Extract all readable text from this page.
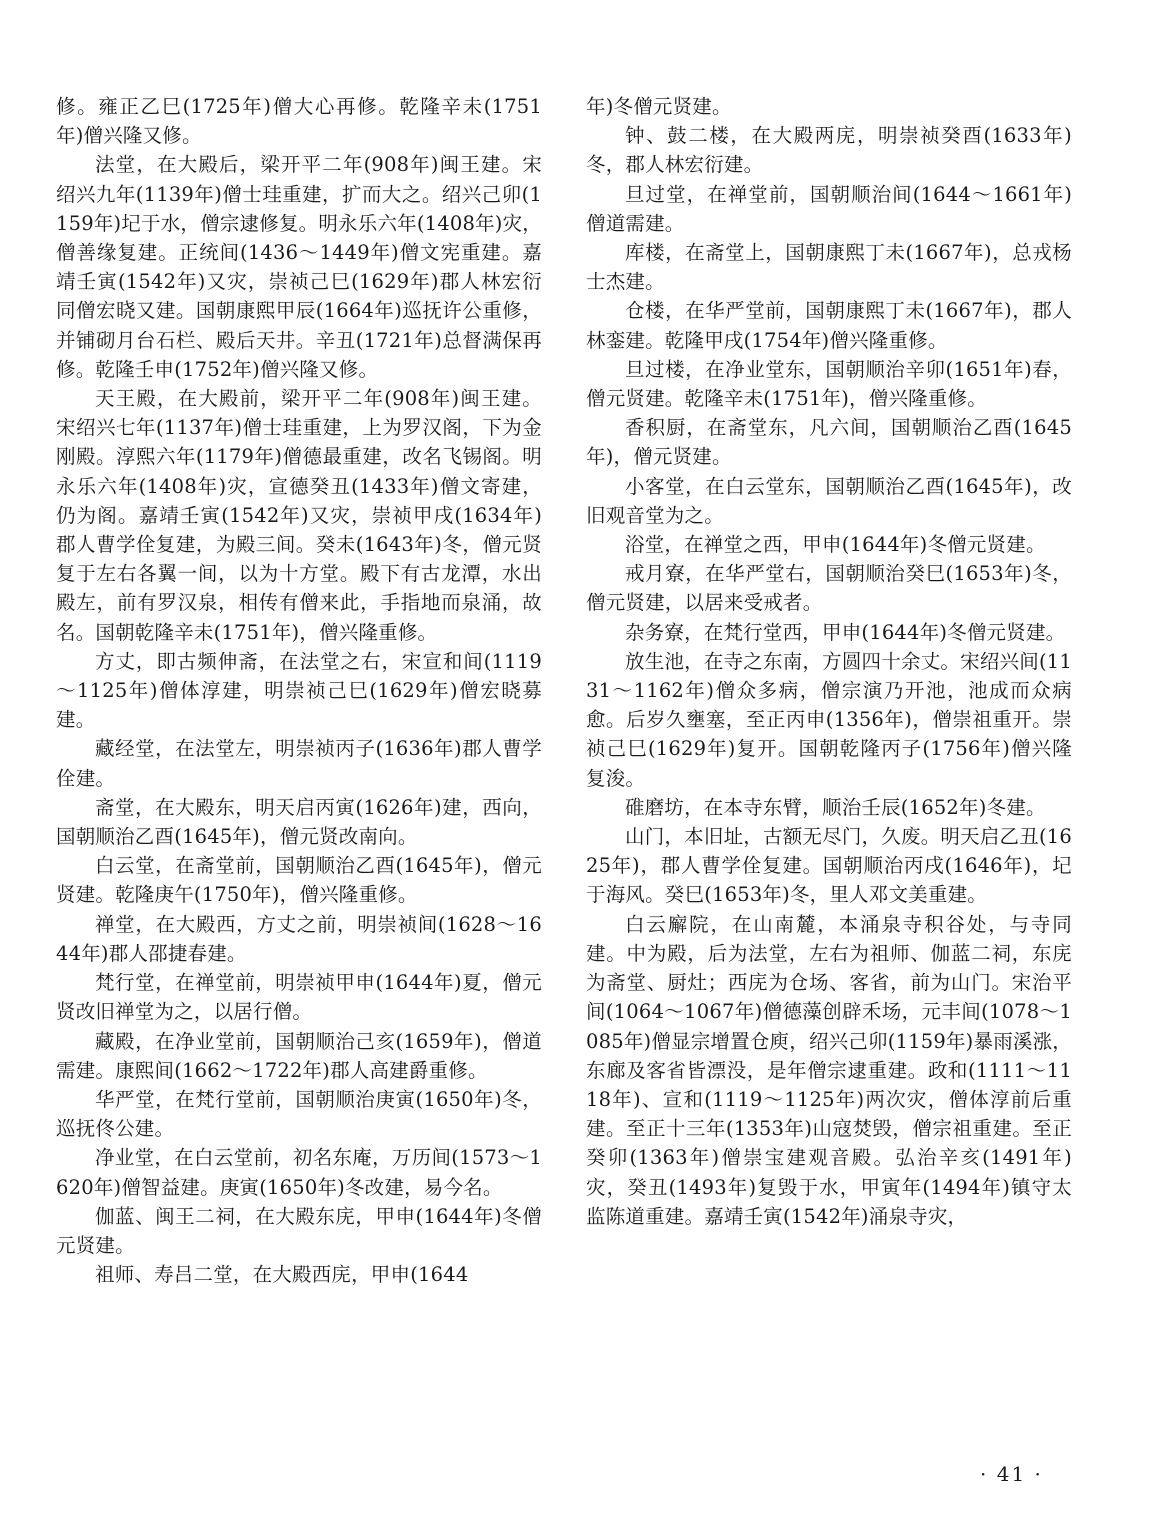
修。雍正乙巳(1725年)僧大心再修。乾隆辛未(1751年)僧兴隆又修。

法堂，在大殿后，梁开平二年(908年)闽王建。宋绍兴九年(1139年)僧士珪重建，扩而大之。绍兴己卯(1159年)圮于水，僧宗逮修复。明永乐六年(1408年)灾，僧善缘复建。正统间(1436～1449年)僧文宪重建。嘉靖壬寅(1542年)又灾，崇祯己巳(1629年)郡人林宏衍同僧宏晓又建。国朝康熙甲辰(1664年)巡抚许公重修，并铺砌月台石栏、殿后天井。辛丑(1721年)总督满保再修。乾隆壬申(1752年)僧兴隆又修。

天王殿，在大殿前，梁开平二年(908年)闽王建。宋绍兴七年(1137年)僧士珪重建，上为罗汉阁，下为金刚殿。淳熙六年(1179年)僧德最重建，改名飞锡阁。明永乐六年(1408年)灾，宣德癸丑(1433年)僧文寄建，仍为阁。嘉靖壬寅(1542年)又灾，崇祯甲戌(1634年)郡人曹学佺复建，为殿三间。癸未(1643年)冬，僧元贤复于左右各翼一间，以为十方堂。殿下有古龙潭，水出殿左，前有罗汉泉，相传有僧来此，手指地而泉涌，故名。国朝乾隆辛未(1751年)，僧兴隆重修。

方丈，即古频伸斋，在法堂之右，宋宣和间(1119～1125年)僧体淳建，明崇祯己巳(1629年)僧宏晓募建。

藏经堂，在法堂左，明崇祯丙子(1636年)郡人曹学佺建。

斋堂，在大殿东，明天启丙寅(1626年)建，西向，国朝顺治乙酉(1645年)，僧元贤改南向。

白云堂，在斋堂前，国朝顺治乙酉(1645年)，僧元贤建。乾隆庚午(1750年)，僧兴隆重修。

禅堂，在大殿西，方丈之前，明崇祯间(1628～1644年)郡人邵捷春建。

梵行堂，在禅堂前，明崇祯甲申(1644年)夏，僧元贤改旧禅堂为之，以居行僧。

藏殿，在净业堂前，国朝顺治己亥(1659年)，僧道需建。康熙间(1662～1722年)郡人高建爵重修。

华严堂，在梵行堂前，国朝顺治庚寅(1650年)冬，巡抚佟公建。

净业堂，在白云堂前，初名东庵，万历间(1573～1620年)僧智益建。庚寅(1650年)冬改建，易今名。

伽蓝、闽王二祠，在大殿东庑，甲申(1644年)冬僧元贤建。

祖师、寿吕二堂，在大殿西庑，甲申(1644

年)冬僧元贤建。

钟、鼓二楼，在大殿两庑，明崇祯癸酉(1633年)冬，郡人林宏衍建。

旦过堂，在禅堂前，国朝顺治间(1644～1661年)僧道需建。

库楼，在斋堂上，国朝康熙丁未(1667年)，总戎杨士杰建。

仓楼，在华严堂前，国朝康熙丁未(1667年)，郡人林銮建。乾隆甲戌(1754年)僧兴隆重修。

旦过楼，在净业堂东，国朝顺治辛卯(1651年)春，僧元贤建。乾隆辛未(1751年)，僧兴隆重修。

香积厨，在斋堂东，凡六间，国朝顺治乙酉(1645年)，僧元贤建。

小客堂，在白云堂东，国朝顺治乙酉(1645年)，改旧观音堂为之。

浴堂，在禅堂之西，甲申(1644年)冬僧元贤建。

戒月寮，在华严堂右，国朝顺治癸巳(1653年)冬，僧元贤建，以居来受戒者。

杂务寮，在梵行堂西，甲申(1644年)冬僧元贤建。

放生池，在寺之东南，方圆四十余丈。宋绍兴间(1131～1162年)僧众多病，僧宗演乃开池，池成而众病愈。后岁久壅塞，至正丙申(1356年)，僧崇祖重开。崇祯己巳(1629年)复开。国朝乾隆丙子(1756年)僧兴隆复浚。

碓磨坊，在本寺东臂，顺治壬辰(1652年)冬建。

山门，本旧址，古额无尽门，久废。明天启乙丑(1625年)，郡人曹学佺复建。国朝顺治丙戌(1646年)，圮于海风。癸巳(1653年)冬，里人邓文美重建。

白云廨院，在山南麓，本涌泉寺积谷处，与寺同建。中为殿，后为法堂，左右为祖师、伽蓝二祠，东庑为斋堂、厨灶；西庑为仓场、客省，前为山门。宋治平间(1064～1067年)僧德藻创辟禾场，元丰间(1078～1085年)僧显宗增置仓庾，绍兴己卯(1159年)暴雨溪涨，东廊及客省皆漂没，是年僧宗逮重建。政和(1111～1118年)、宣和(1119～1125年)两次灾，僧体淳前后重建。至正十三年(1353年)山寇焚毁，僧宗祖重建。至正癸卯(1363年)僧崇宝建观音殿。弘治辛亥(1491年)灾，癸丑(1493年)复毁于水，甲寅年(1494年)镇守太监陈道重建。嘉靖壬寅(1542年)涌泉寺灾，

· 41 ·
